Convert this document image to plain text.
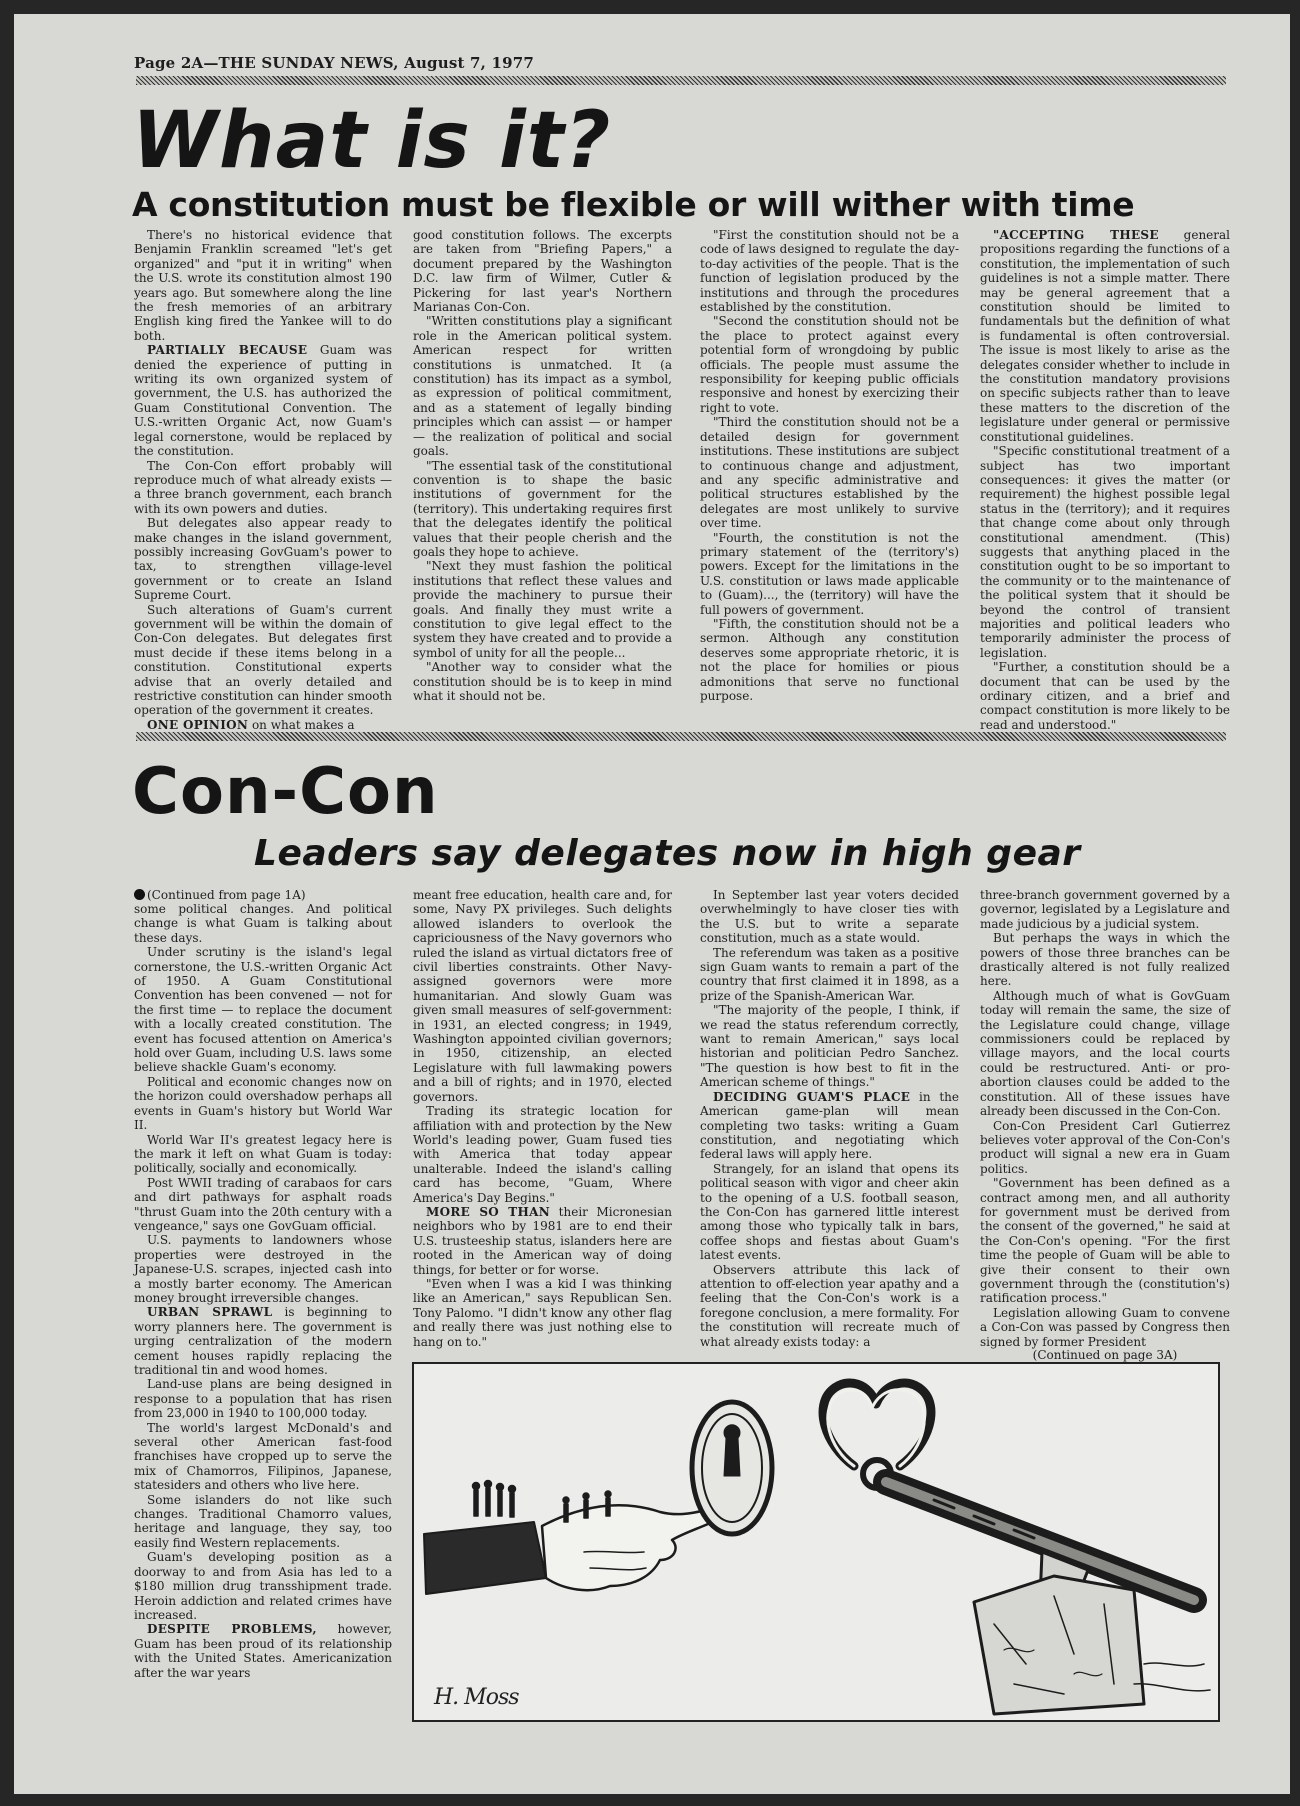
Page 2A—THE SUNDAY NEWS, August 7, 1977
What is it?
A constitution must be flexible or will wither with time

There's no historical evidence that Benjamin Franklin screamed "let's get organized" and "put it in writing" when the U.S. wrote its constitution almost 190 years ago. But somewhere along the line the fresh memories of an arbitrary English king fired the Yankee will to do both.

PARTIALLY BECAUSE Guam was denied the experience of putting in writing its own organized system of government, the U.S. has authorized the Guam Constitutional Convention. The U.S.-written Organic Act, now Guam's legal cornerstone, would be replaced by the constitution.

The Con-Con effort probably will reproduce much of what already exists — a three branch government, each branch with its own powers and duties.

But delegates also appear ready to make changes in the island government, possibly increasing GovGuam's power to tax, to strengthen village-level government or to create an Island Supreme Court.

Such alterations of Guam's current government will be within the domain of Con-Con delegates. But delegates first must decide if these items belong in a constitution. Constitutional experts advise that an overly detailed and restrictive constitution can hinder smooth operation of the government it creates.

ONE OPINION on what makes a

good constitution follows. The excerpts are taken from "Briefing Papers," a document prepared by the Washington D.C. law firm of Wilmer, Cutler & Pickering for last year's Northern Marianas Con-Con.

"Written constitutions play a significant role in the American political system. American respect for written constitutions is unmatched. It (a constitution) has its impact as a symbol, as expression of political commitment, and as a statement of legally binding principles which can assist — or hamper — the realization of political and social goals.

"The essential task of the constitutional convention is to shape the basic institutions of government for the (territory). This undertaking requires first that the delegates identify the political values that their people cherish and the goals they hope to achieve.

"Next they must fashion the political institutions that reflect these values and provide the machinery to pursue their goals. And finally they must write a constitution to give legal effect to the system they have created and to provide a symbol of unity for all the people...

"Another way to consider what the constitution should be is to keep in mind what it should not be.

"First the constitution should not be a code of laws designed to regulate the day-to-day activities of the people. That is the function of legislation produced by the institutions and through the procedures established by the constitution.

"Second the constitution should not be the place to protect against every potential form of wrongdoing by public officials. The people must assume the responsibility for keeping public officials responsive and honest by exercizing their right to vote.

"Third the constitution should not be a detailed design for government institutions. These institutions are subject to continuous change and adjustment, and any specific administrative and political structures established by the delegates are most unlikely to survive over time.

"Fourth, the constitution is not the primary statement of the (territory's) powers. Except for the limitations in the U.S. constitution or laws made applicable to (Guam)..., the (territory) will have the full powers of government.

"Fifth, the constitution should not be a sermon. Although any constitution deserves some appropriate rhetoric, it is not the place for homilies or pious admonitions that serve no functional purpose.

"ACCEPTING THESE general propositions regarding the functions of a constitution, the implementation of such guidelines is not a simple matter. There may be general agreement that a constitution should be limited to fundamentals but the definition of what is fundamental is often controversial. The issue is most likely to arise as the delegates consider whether to include in the constitution mandatory provisions on specific subjects rather than to leave these matters to the discretion of the legislature under general or permissive constitutional guidelines.

"Specific constitutional treatment of a subject has two important consequences: it gives the matter (or requirement) the highest possible legal status in the (territory); and it requires that change come about only through constitutional amendment. (This) suggests that anything placed in the constitution ought to be so important to the community or to the maintenance of the political system that it should be beyond the control of transient majorities and political leaders who temporarily administer the process of legislation.

"Further, a constitution should be a document that can be used by the ordinary citizen, and a brief and compact constitution is more likely to be read and understood."

Con-Con
Leaders say delegates now in high gear
(Continued from page 1A)

some political changes. And political change is what Guam is talking about these days.

Under scrutiny is the island's legal cornerstone, the U.S.-written Organic Act of 1950. A Guam Constitutional Convention has been convened — not for the first time — to replace the document with a locally created constitution. The event has focused attention on America's hold over Guam, including U.S. laws some believe shackle Guam's economy.

Political and economic changes now on the horizon could overshadow perhaps all events in Guam's history but World War II.

World War II's greatest legacy here is the mark it left on what Guam is today: politically, socially and economically.

Post WWII trading of carabaos for cars and dirt pathways for asphalt roads "thrust Guam into the 20th century with a vengeance," says one GovGuam official.

U.S. payments to landowners whose properties were destroyed in the Japanese-U.S. scrapes, injected cash into a mostly barter economy. The American money brought irreversible changes.

URBAN SPRAWL is beginning to worry planners here. The government is urging centralization of the modern cement houses rapidly replacing the traditional tin and wood homes.

Land-use plans are being designed in response to a population that has risen from 23,000 in 1940 to 100,000 today.

The world's largest McDonald's and several other American fast-food franchises have cropped up to serve the mix of Chamorros, Filipinos, Japanese, statesiders and others who live here.

Some islanders do not like such changes. Traditional Chamorro values, heritage and language, they say, too easily find Western replacements.

Guam's developing position as a doorway to and from Asia has led to a $180 million drug transshipment trade. Heroin addiction and related crimes have increased.

DESPITE PROBLEMS, however, Guam has been proud of its relationship with the United States. Americanization after the war years

meant free education, health care and, for some, Navy PX privileges. Such delights allowed islanders to overlook the capriciousness of the Navy governors who ruled the island as virtual dictators free of civil liberties constraints. Other Navy-assigned governors were more humanitarian. And slowly Guam was given small measures of self-government: in 1931, an elected congress; in 1949, Washington appointed civilian governors; in 1950, citizenship, an elected Legislature with full lawmaking powers and a bill of rights; and in 1970, elected governors.

Trading its strategic location for affiliation with and protection by the New World's leading power, Guam fused ties with America that today appear unalterable. Indeed the island's calling card has become, "Guam, Where America's Day Begins."

MORE SO THAN their Micronesian neighbors who by 1981 are to end their U.S. trusteeship status, islanders here are rooted in the American way of doing things, for better or for worse.

"Even when I was a kid I was thinking like an American," says Republican Sen. Tony Palomo. "I didn't know any other flag and really there was just nothing else to hang on to."

In September last year voters decided overwhelmingly to have closer ties with the U.S. but to write a separate constitution, much as a state would.

The referendum was taken as a positive sign Guam wants to remain a part of the country that first claimed it in 1898, as a prize of the Spanish-American War.

"The majority of the people, I think, if we read the status referendum correctly, want to remain American," says local historian and politician Pedro Sanchez. "The question is how best to fit in the American scheme of things."

DECIDING GUAM'S PLACE in the American game-plan will mean completing two tasks: writing a Guam constitution, and negotiating which federal laws will apply here.

Strangely, for an island that opens its political season with vigor and cheer akin to the opening of a U.S. football season, the Con-Con has garnered little interest among those who typically talk in bars, coffee shops and fiestas about Guam's latest events.

Observers attribute this lack of attention to off-election year apathy and a feeling that the Con-Con's work is a foregone conclusion, a mere formality. For the constitution will recreate much of what already exists today: a

three-branch government governed by a governor, legislated by a Legislature and made judicious by a judicial system.

But perhaps the ways in which the powers of those three branches can be drastically altered is not fully realized here.

Although much of what is GovGuam today will remain the same, the size of the Legislature could change, village commissioners could be replaced by village mayors, and the local courts could be restructured. Anti- or pro-abortion clauses could be added to the constitution. All of these issues have already been discussed in the Con-Con.

Con-Con President Carl Gutierrez believes voter approval of the Con-Con's product will signal a new era in Guam politics.

"Government has been defined as a contract among men, and all authority for government must be derived from the consent of the governed," he said at the Con-Con's opening. "For the first time the people of Guam will be able to give their consent to their own government through the (constitution's) ratification process."

Legislation allowing Guam to convene a Con-Con was passed by Congress then signed by former President

(Continued on page 3A)

H. Moss
